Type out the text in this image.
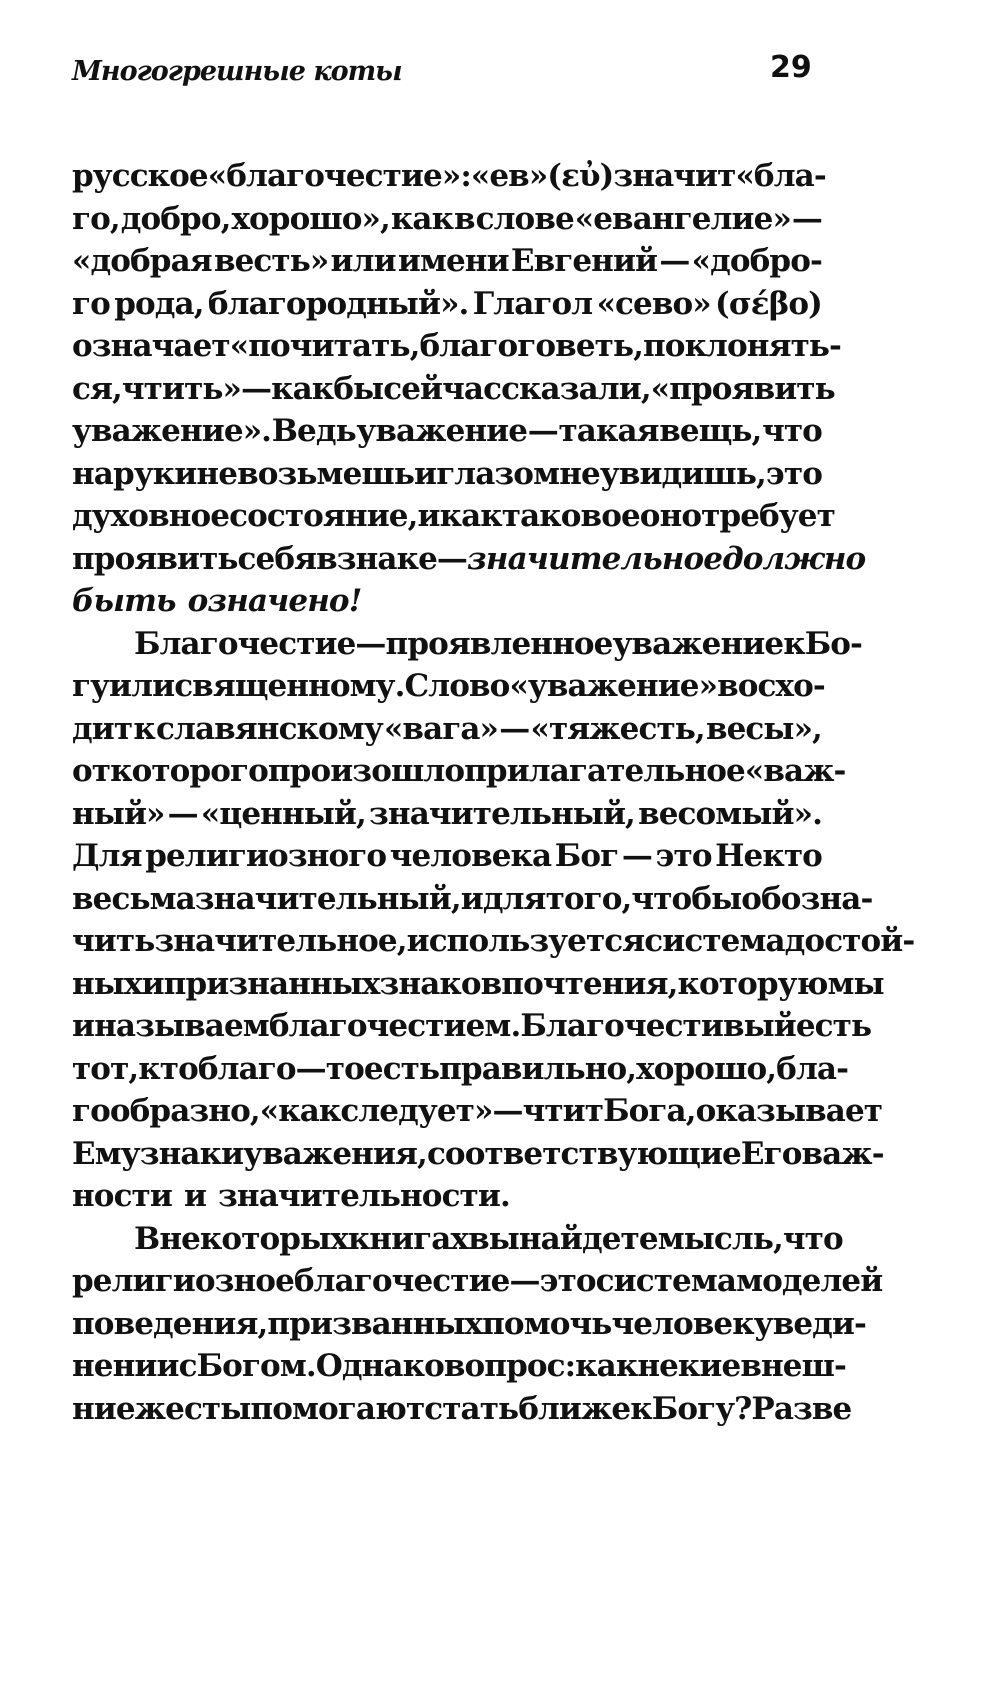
Многогрешные коты	29
русское «благочестие»: «ев» (εὐ) значит «бла-
го, добро, хорошо», как в слове «евангелие» —
«добрая весть» или имени Евгений — «добро-
го рода, благородный». Глагол «сево» (σέβο)
означает «почитать, благоговеть, поклонять-
ся, чтить» — как бы сейчас сказали, «проявить
уважение». Ведь уважение — такая вещь, что
на руки не возьмешь и глазом не увидишь, это
духовное состояние, и как таковое оно требует
проявить себя в знаке — значительное должно
быть означено!
Благочестие — проявленное уважение к Бо-
гу или священному. Слово «уважение» восхо-
дит к славянскому «вага» — «тяжесть, весы»,
от которого произошло прилагательное «важ-
ный» — «ценный, значительный, весомый».
Для религиозного человека Бог — это Некто
весьма значительный, и для того, чтобы обозна-
чить значительное, используется система достой-
ных и признанных знаков почтения, которую мы
и называем благочестием. Благочестивый есть
тот, кто благо — то есть правильно, хорошо, бла-
гообразно, «как следует» — чтит Бога, оказывает
Ему знаки уважения, соответствующие Его важ-
ности и значительности.
В некоторых книгах вы найдете мысль, что
религиозное благочестие — это система моделей
поведения, призванных помочь человеку в еди-
нении с Богом. Однако вопрос: как некие внеш-
ние жесты помогают стать ближе к Богу? Разве
